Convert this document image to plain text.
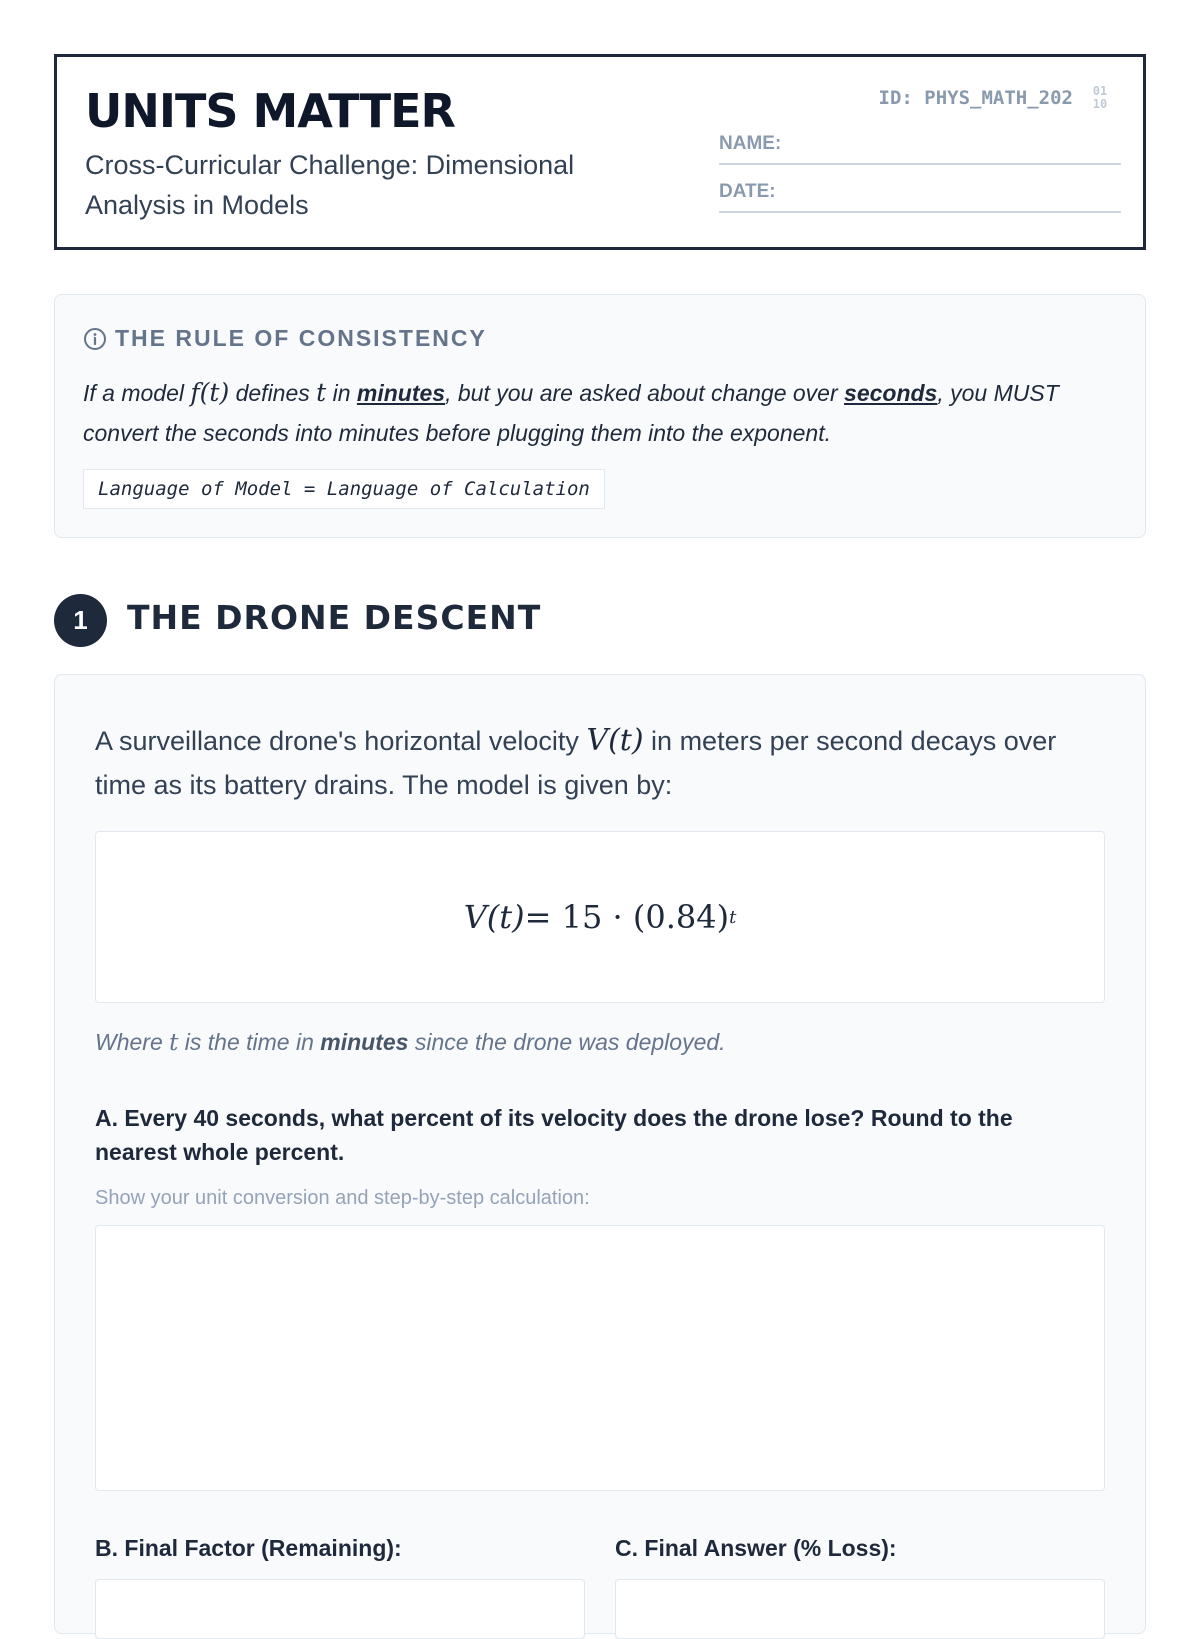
UNITS MATTER
Cross-Curricular Challenge: Dimensional Analysis in Models
ID: PHYS_MATH_202	01
10
NAME:
DATE:
THE RULE OF CONSISTENCY
If a model f(t) defines t in minutes, but you are asked about change over seconds, you MUST convert the seconds into minutes before plugging them into the exponent.
Language of Model = Language of Calculation
1	THE DRONE DESCENT
A surveillance drone's horizontal velocity V(t) in meters per second decays over time as its battery drains. The model is given by:
V(t) = 15 · (0.84) t
Where t is the time in minutes since the drone was deployed.
A. Every 40 seconds, what percent of its velocity does the drone lose? Round to the nearest whole percent.
Show your unit conversion and step-by-step calculation:
B. Final Factor (Remaining):	C. Final Answer (% Loss):
